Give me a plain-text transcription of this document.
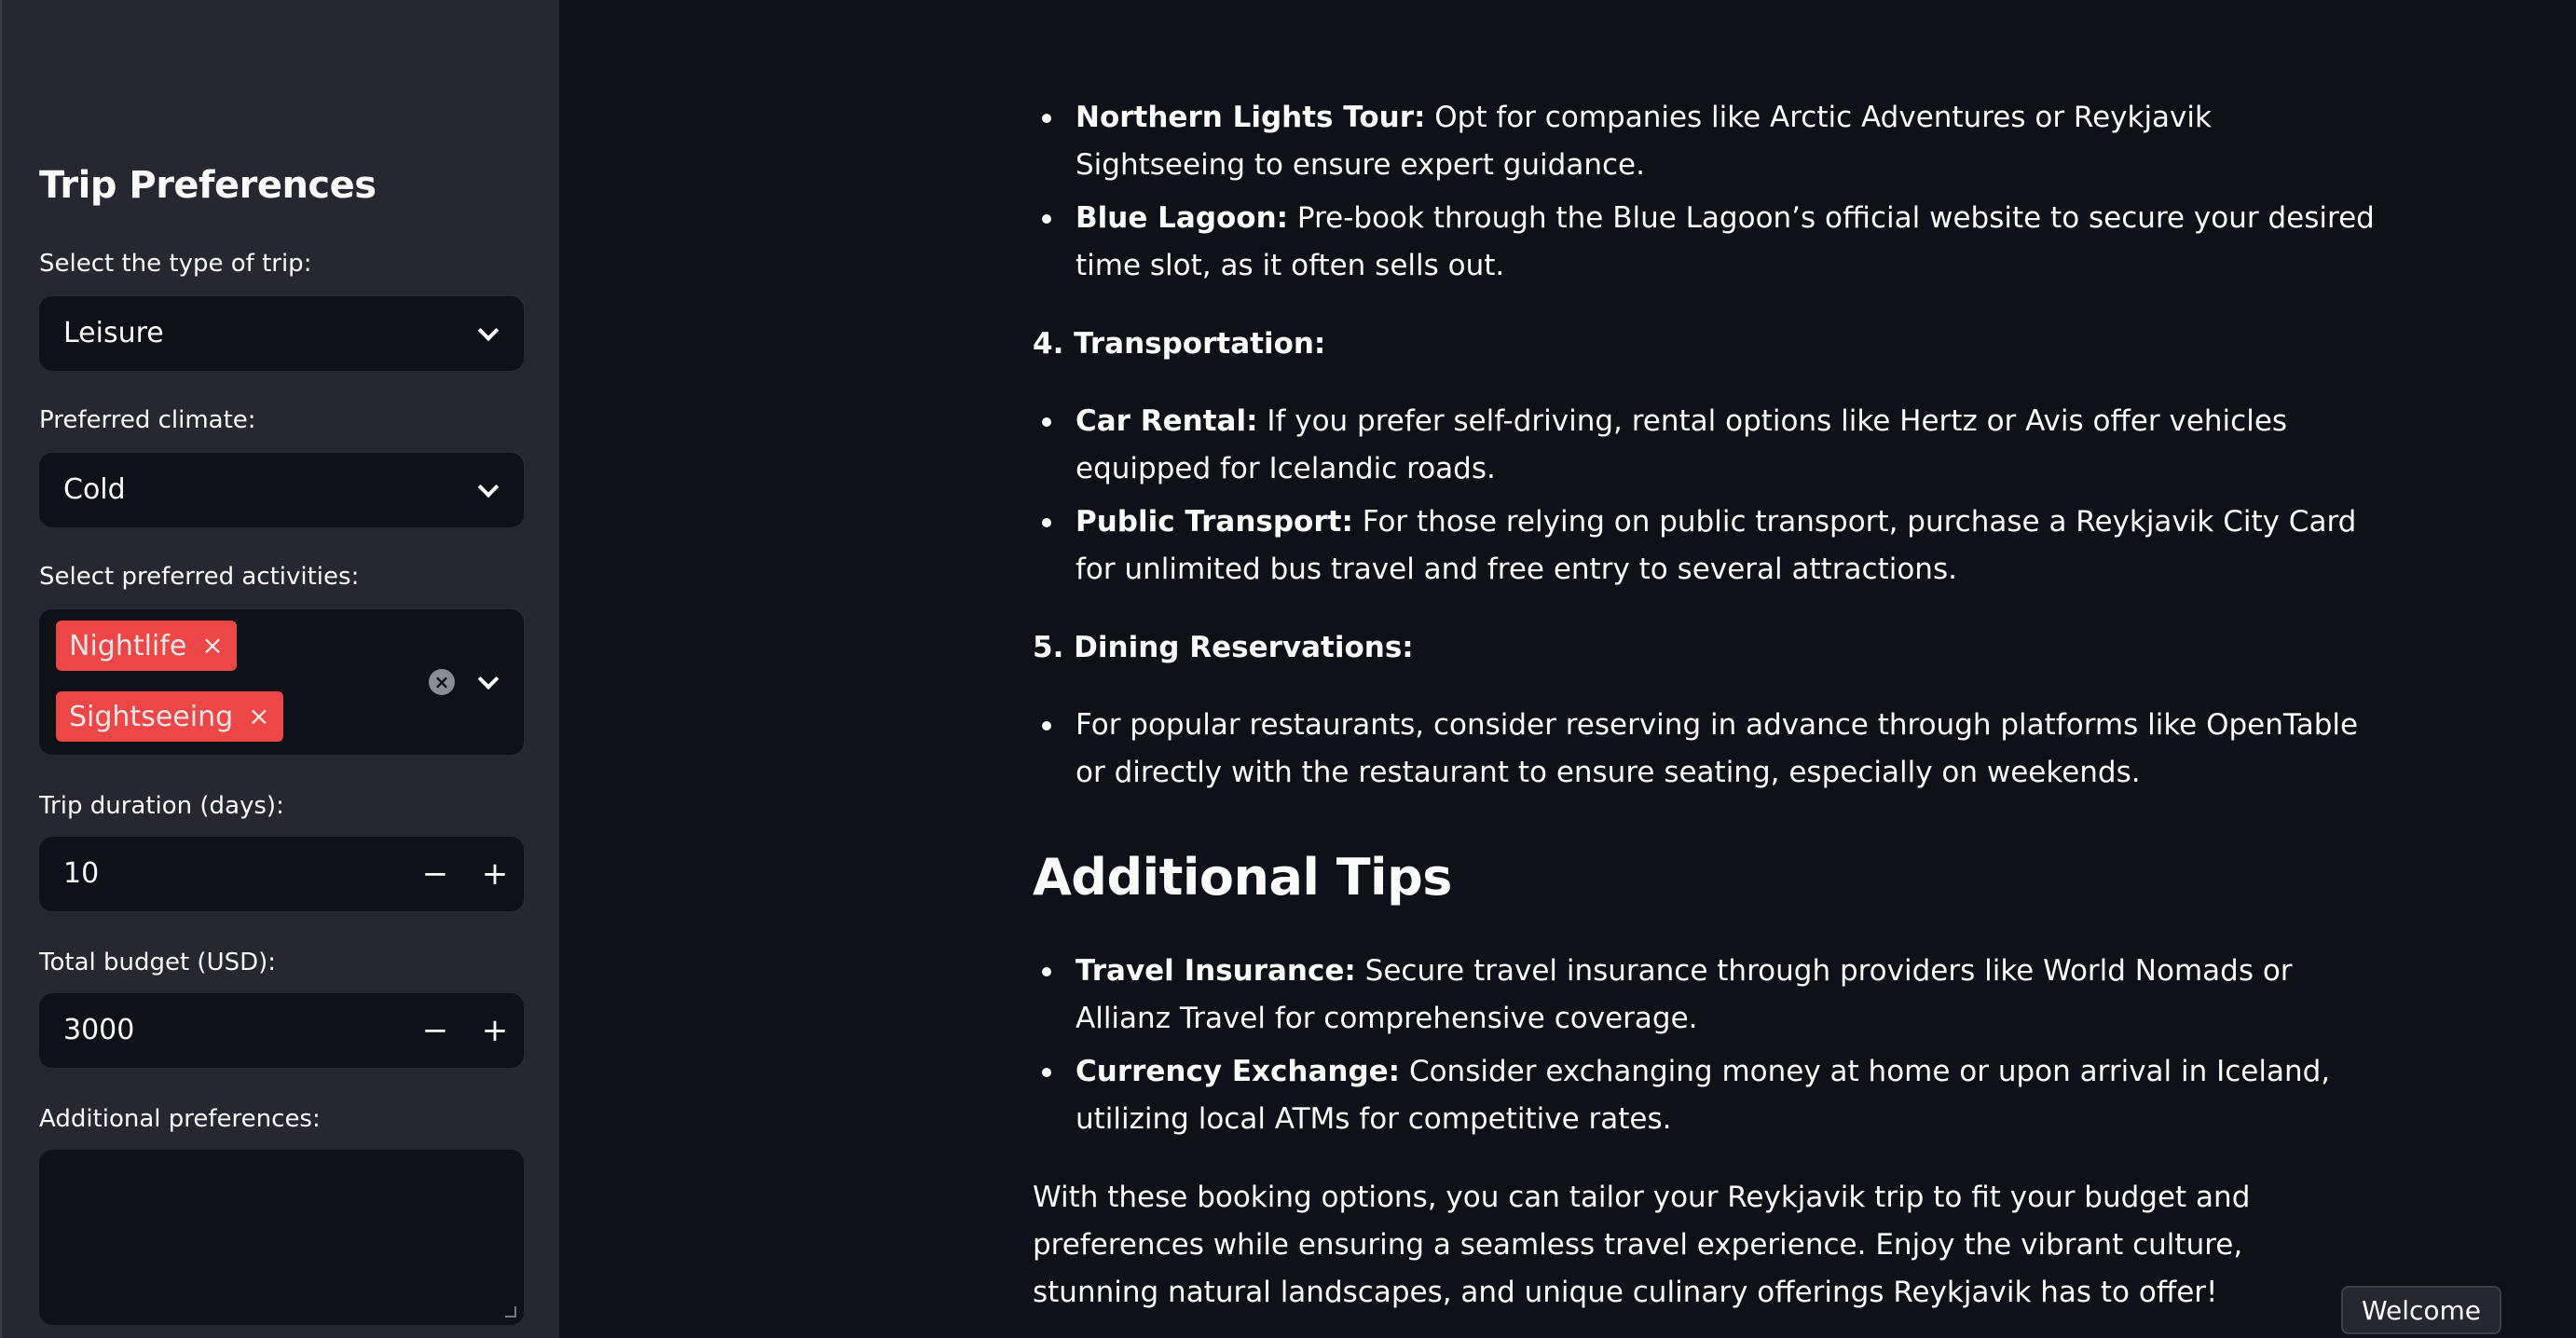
Trip Preferences
Select the type of trip:
Leisure
Preferred climate:
Cold
Select preferred activities:
Nightlife ×
Sightseeing ×
×
Trip duration (days):
10	−	+
Total budget (USD):
3000	−	+
Additional preferences:
Northern Lights Tour: Opt for companies like Arctic Adventures or Reykjavik Sightseeing to ensure expert guidance.
Blue Lagoon: Pre-book through the Blue Lagoon’s official website to secure your desired time slot, as it often sells out.
4. Transportation:
Car Rental: If you prefer self-driving, rental options like Hertz or Avis offer vehicles equipped for Icelandic roads.
Public Transport: For those relying on public transport, purchase a Reykjavik City Card for unlimited bus travel and free entry to several attractions.
5. Dining Reservations:
For popular restaurants, consider reserving in advance through platforms like OpenTable or directly with the restaurant to ensure seating, especially on weekends.
Additional Tips
Travel Insurance: Secure travel insurance through providers like World Nomads or Allianz Travel for comprehensive coverage.
Currency Exchange: Consider exchanging money at home or upon arrival in Iceland, utilizing local ATMs for competitive rates.
With these booking options, you can tailor your Reykjavik trip to fit your budget and preferences while ensuring a seamless travel experience. Enjoy the vibrant culture, stunning natural landscapes, and unique culinary offerings Reykjavik has to offer!
Welcome
